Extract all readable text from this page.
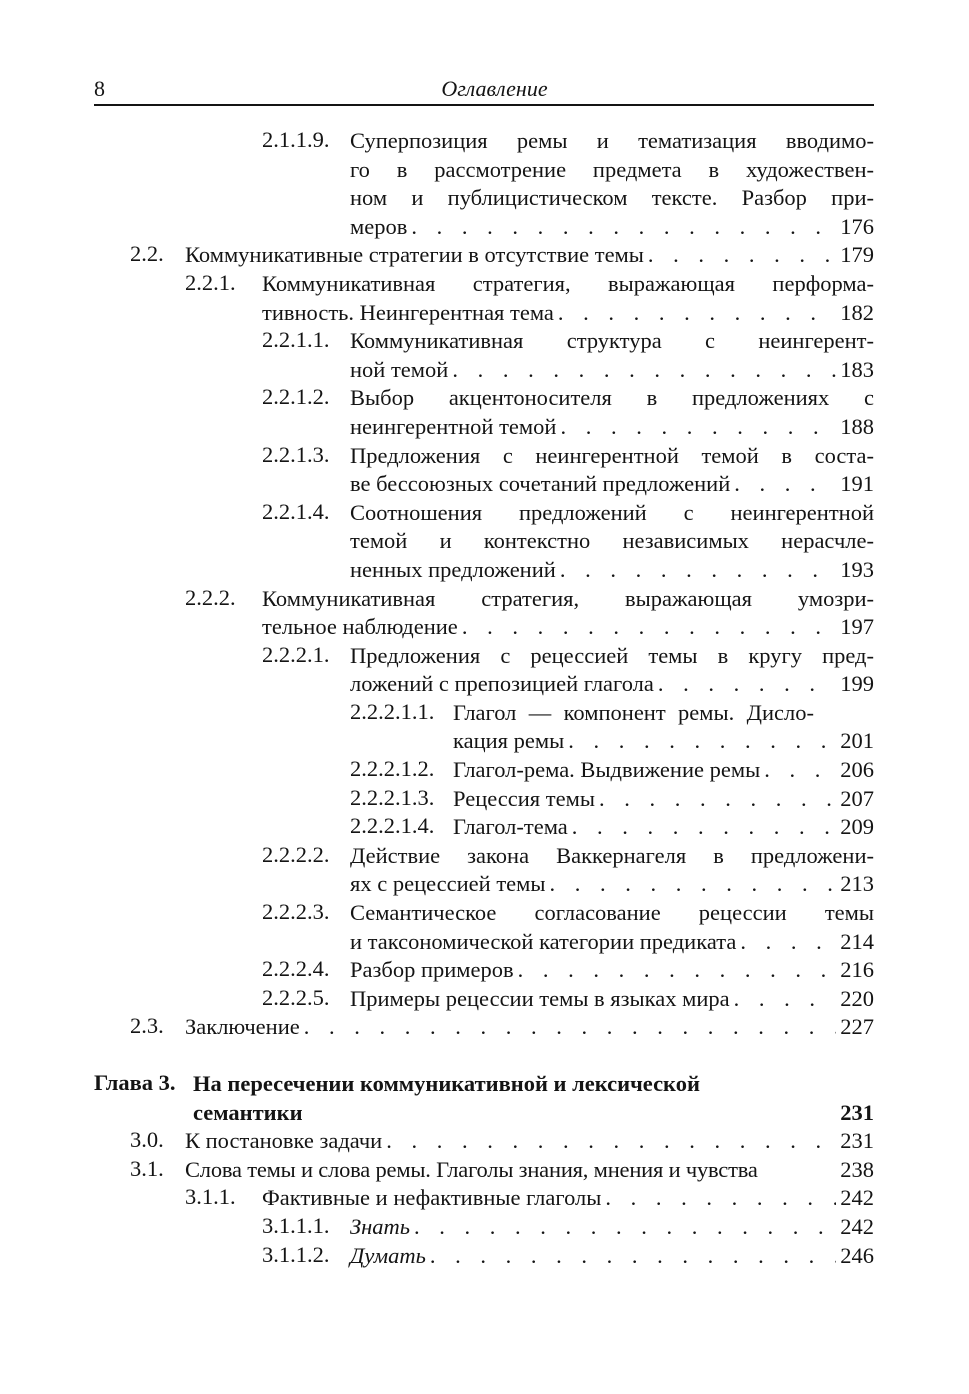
8	Оглавление
2.1.1.9. Суперпозиция ремы и тематизация вводимо-
го в рассмотрение предмета в художествен-
ном и публицистическом тексте. Разбор при-
меров . . .	176
2.2. Коммуникативные стратегии в отсутствие темы . . .	179
2.2.1. Коммуникативная стратегия, выражающая перформа-
тивность. Неингерентная тема . . .	182
2.2.1.1. Коммуникативная структура с неингерент-
ной темой . . .	183
2.2.1.2. Выбор акцентоносителя в предложениях с
неингерентной темой . . .	188
2.2.1.3. Предложения с неингерентной темой в соста-
ве бессоюзных сочетаний предложений . . .	191
2.2.1.4. Соотношения предложений с неингерентной
темой и контекстно независимых нерасчле-
ненных предложений . . .	193
2.2.2. Коммуникативная стратегия, выражающая умозри-
тельное наблюдение . . .	197
2.2.2.1. Предложения с рецессией темы в кругу пред-
ложений с препозицией глагола . . .	199
2.2.2.1.1. Глагол — компонент ремы. Дисло-
кация ремы . . .	201
2.2.2.1.2. Глагол-рема. Выдвижение ремы . . .	206
2.2.2.1.3. Рецессия темы . . .	207
2.2.2.1.4. Глагол-тема . . .	209
2.2.2.2. Действие закона Ваккернагеля в предложени-
ях с рецессией темы . . .	213
2.2.2.3. Семантическое согласование рецессии темы
и таксономической категории предиката . . .	214
2.2.2.4. Разбор примеров . . .	216
2.2.2.5. Примеры рецессии темы в языках мира . . .	220
2.3. Заключение . . .	227
Глава 3. На пересечении коммуникативной и лексической
семантики	231
3.0. К постановке задачи . . .	231
3.1. Слова темы и слова ремы. Глаголы знания, мнения и чувства	238
3.1.1. Фактивные и нефактивные глаголы . . .	242
3.1.1.1. Знать . . .	242
3.1.1.2. Думать . . .	246
